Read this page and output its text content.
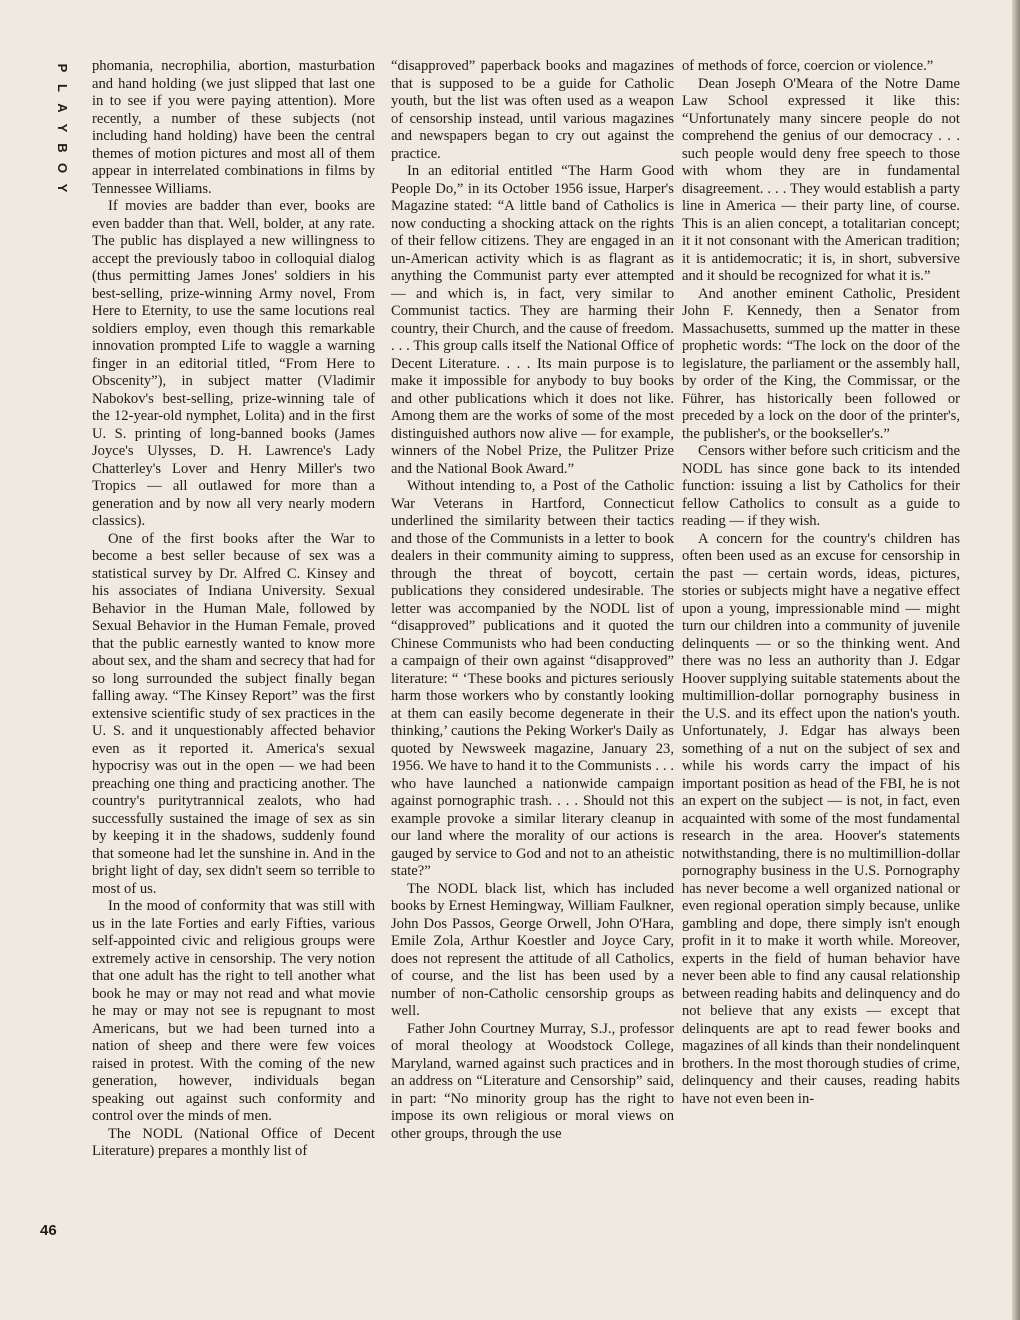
P
L
A
Y
B
O
Y

phomania, necrophilia, abortion, masturbation and hand holding (we just slipped that last one in to see if you were paying attention). More recently, a number of these subjects (not including hand holding) have been the central themes of motion pictures and most all of them appear in interrelated combinations in films by Tennessee Williams.

If movies are badder than ever, books are even badder than that. Well, bolder, at any rate. The public has displayed a new willingness to accept the previously taboo in colloquial dialog (thus permitting James Jones' soldiers in his best-selling, prize-winning Army novel, From Here to Eternity, to use the same locutions real soldiers employ, even though this remarkable innovation prompted Life to waggle a warning finger in an editorial titled, “From Here to Obscenity”), in subject matter (Vladimir Nabokov's best-selling, prize-winning tale of the 12-year-old nymphet, Lolita) and in the first U. S. printing of long-banned books (James Joyce's Ulysses, D. H. Lawrence's Lady Chatterley's Lover and Henry Miller's two Tropics — all outlawed for more than a generation and by now all very nearly modern classics).

One of the first books after the War to become a best seller because of sex was a statistical survey by Dr. Alfred C. Kinsey and his associates of Indiana University. Sexual Behavior in the Human Male, followed by Sexual Behavior in the Human Female, proved that the public earnestly wanted to know more about sex, and the sham and secrecy that had for so long surrounded the subject finally began falling away. “The Kinsey Report” was the first extensive scientific study of sex practices in the U. S. and it unquestionably affected behavior even as it reported it. America's sexual hypocrisy was out in the open — we had been preaching one thing and practicing another. The country's puritytrannical zealots, who had successfully sustained the image of sex as sin by keeping it in the shadows, suddenly found that someone had let the sunshine in. And in the bright light of day, sex didn't seem so terrible to most of us.

In the mood of conformity that was still with us in the late Forties and early Fifties, various self-appointed civic and religious groups were extremely active in censorship. The very notion that one adult has the right to tell another what book he may or may not read and what movie he may or may not see is repugnant to most Americans, but we had been turned into a nation of sheep and there were few voices raised in protest. With the coming of the new generation, however, individuals began speaking out against such conformity and control over the minds of men.

The NODL (National Office of Decent Literature) prepares a monthly list of

“disapproved” paperback books and magazines that is supposed to be a guide for Catholic youth, but the list was often used as a weapon of censorship instead, until various magazines and newspapers began to cry out against the practice.

In an editorial entitled “The Harm Good People Do,” in its October 1956 issue, Harper's Magazine stated: “A little band of Catholics is now conducting a shocking attack on the rights of their fellow citizens. They are engaged in an un-American activity which is as flagrant as anything the Communist party ever attempted — and which is, in fact, very similar to Communist tactics. They are harming their country, their Church, and the cause of freedom. . . . This group calls itself the National Office of Decent Literature. . . . Its main purpose is to make it impossible for anybody to buy books and other publications which it does not like. Among them are the works of some of the most distinguished authors now alive — for example, winners of the Nobel Prize, the Pulitzer Prize and the National Book Award.”

Without intending to, a Post of the Catholic War Veterans in Hartford, Connecticut underlined the similarity between their tactics and those of the Communists in a letter to book dealers in their community aiming to suppress, through the threat of boycott, certain publications they considered undesirable. The letter was accompanied by the NODL list of “disapproved” publications and it quoted the Chinese Communists who had been conducting a campaign of their own against “disapproved” literature: “ ‘These books and pictures seriously harm those workers who by constantly looking at them can easily become degenerate in their thinking,’ cautions the Peking Worker's Daily as quoted by Newsweek magazine, January 23, 1956. We have to hand it to the Communists . . . who have launched a nationwide campaign against pornographic trash. . . . Should not this example provoke a similar literary cleanup in our land where the morality of our actions is gauged by service to God and not to an atheistic state?”

The NODL black list, which has included books by Ernest Hemingway, William Faulkner, John Dos Passos, George Orwell, John O'Hara, Emile Zola, Arthur Koestler and Joyce Cary, does not represent the attitude of all Catholics, of course, and the list has been used by a number of non-Catholic censorship groups as well.

Father John Courtney Murray, S.J., professor of moral theology at Woodstock College, Maryland, warned against such practices and in an address on “Literature and Censorship” said, in part: “No minority group has the right to impose its own religious or moral views on other groups, through the use

of methods of force, coercion or violence.”

Dean Joseph O'Meara of the Notre Dame Law School expressed it like this: “Unfortunately many sincere people do not comprehend the genius of our democracy . . . such people would deny free speech to those with whom they are in fundamental disagreement. . . . They would establish a party line in America — their party line, of course. This is an alien concept, a totalitarian concept; it it not consonant with the American tradition; it is antidemocratic; it is, in short, subversive and it should be recognized for what it is.”

And another eminent Catholic, President John F. Kennedy, then a Senator from Massachusetts, summed up the matter in these prophetic words: “The lock on the door of the legislature, the parliament or the assembly hall, by order of the King, the Commissar, or the Führer, has historically been followed or preceded by a lock on the door of the printer's, the publisher's, or the bookseller's.”

Censors wither before such criticism and the NODL has since gone back to its intended function: issuing a list by Catholics for their fellow Catholics to consult as a guide to reading — if they wish.

A concern for the country's children has often been used as an excuse for censorship in the past — certain words, ideas, pictures, stories or subjects might have a negative effect upon a young, impressionable mind — might turn our children into a community of juvenile delinquents — or so the thinking went. And there was no less an authority than J. Edgar Hoover supplying suitable statements about the multimillion-dollar pornography business in the U.S. and its effect upon the nation's youth. Unfortunately, J. Edgar has always been something of a nut on the subject of sex and while his words carry the impact of his important position as head of the FBI, he is not an expert on the subject — is not, in fact, even acquainted with some of the most fundamental research in the area. Hoover's statements notwithstanding, there is no multimillion-dollar pornography business in the U.S. Pornography has never become a well organized national or even regional operation simply because, unlike gambling and dope, there simply isn't enough profit in it to make it worth while. Moreover, experts in the field of human behavior have never been able to find any causal relationship between reading habits and delinquency and do not believe that any exists — except that delinquents are apt to read fewer books and magazines of all kinds than their nondelinquent brothers. In the most thorough studies of crime, delinquency and their causes, reading habits have not even been in-

46
